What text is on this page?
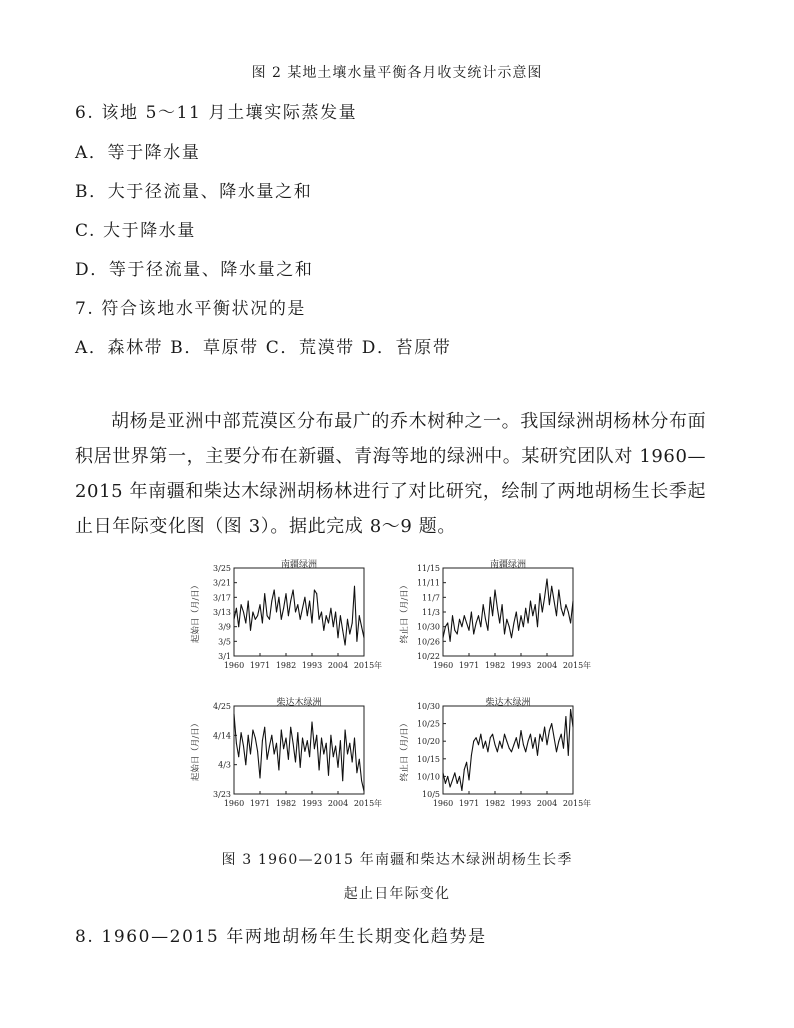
图 2 某地土壤水量平衡各月收支统计示意图
6. 该地 5～11 月土壤实际蒸发量
A．等于降水量
B．大于径流量、降水量之和
C. 大于降水量
D．等于径流量、降水量之和
7. 符合该地水平衡状况的是
A．森林带 B．草原带 C．荒漠带 D．苔原带
胡杨是亚洲中部荒漠区分布最广的乔木树种之一。我国绿洲胡杨林分布面积居世界第一，主要分布在新疆、青海等地的绿洲中。某研究团队对 1960—2015 年南疆和柴达木绿洲胡杨林进行了对比研究，绘制了两地胡杨生长季起止日年际变化图（图 3）。据此完成 8～9 题。
南疆绿洲
3/1
3/5
3/9
3/13
3/17
3/21
3/25
1960 1971 1982 1993 2004 2015 年
起始日（月/日）
南疆绿洲
10/22
10/26
10/30
11/3
11/7
11/11
11/15
1960 1971 1982 1993 2004 2015 年
终止日（月/日）
柴达木绿洲
3/23
4/3
4/14
4/25
1960 1971 1982 1993 2004 2015 年
起始日（月/日）
柴达木绿洲
10/5
10/10
10/15
10/20
10/25
10/30
1960 1971 1982 1993 2004 2015 年
终止日（月/日）
图 3 1960—2015 年南疆和柴达木绿洲胡杨生长季
起止日年际变化
8. 1960—2015 年两地胡杨年生长期变化趋势是
